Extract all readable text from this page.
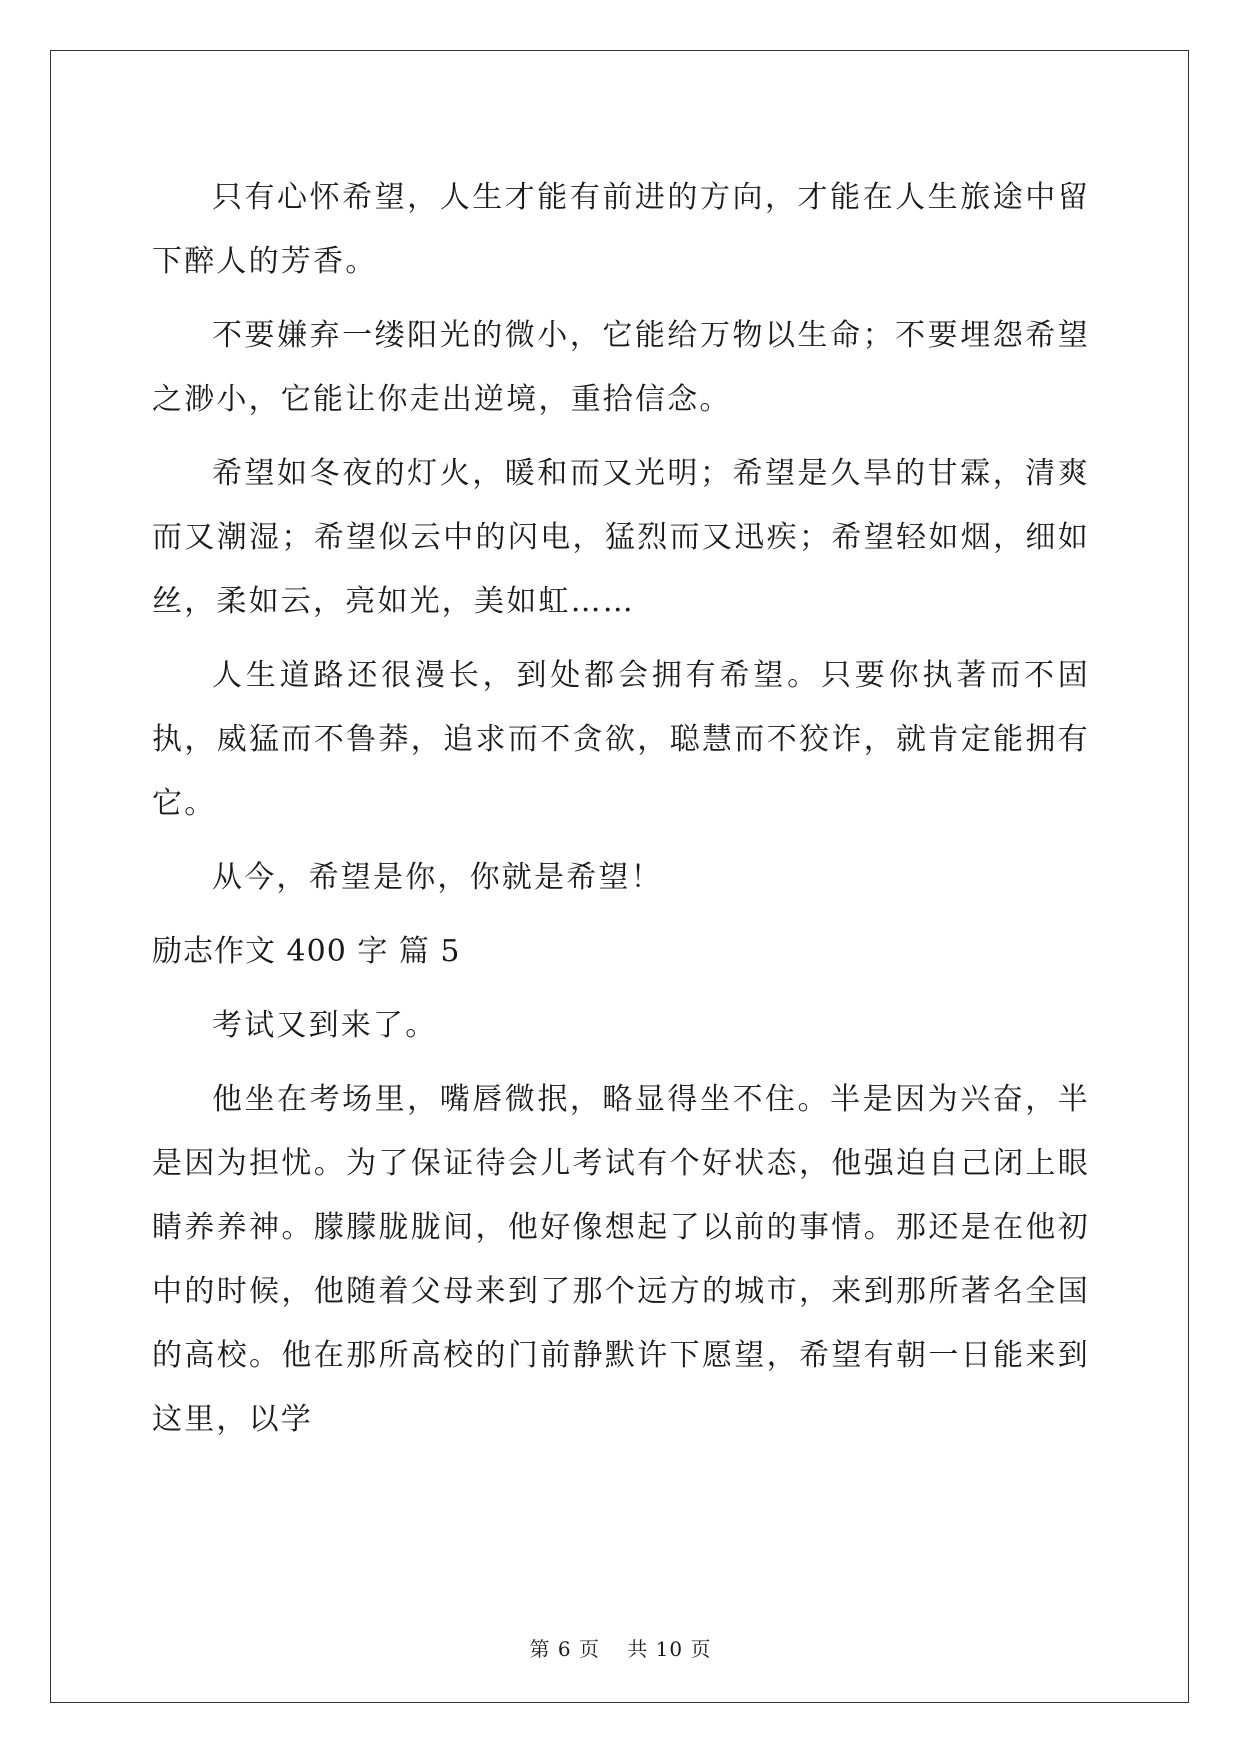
只有心怀希望，人生才能有前进的方向，才能在人生旅途中留下醉人的芳香。

不要嫌弃一缕阳光的微小，它能给万物以生命；不要埋怨希望之渺小，它能让你走出逆境，重拾信念。

希望如冬夜的灯火，暖和而又光明；希望是久旱的甘霖，清爽而又潮湿；希望似云中的闪电，猛烈而又迅疾；希望轻如烟，细如丝，柔如云，亮如光，美如虹……

人生道路还很漫长，到处都会拥有希望。只要你执著而不固执，威猛而不鲁莽，追求而不贪欲，聪慧而不狡诈，就肯定能拥有它。

从今，希望是你，你就是希望！

励志作文 400 字 篇 5

考试又到来了。

他坐在考场里，嘴唇微抿，略显得坐不住。半是因为兴奋，半是因为担忧。为了保证待会儿考试有个好状态，他强迫自己闭上眼睛养养神。朦朦胧胧间，他好像想起了以前的事情。那还是在他初中的时候，他随着父母来到了那个远方的城市，来到那所著名全国的高校。他在那所高校的门前静默许下愿望，希望有朝一日能来到这里，以学

第 6 页 共 10 页
